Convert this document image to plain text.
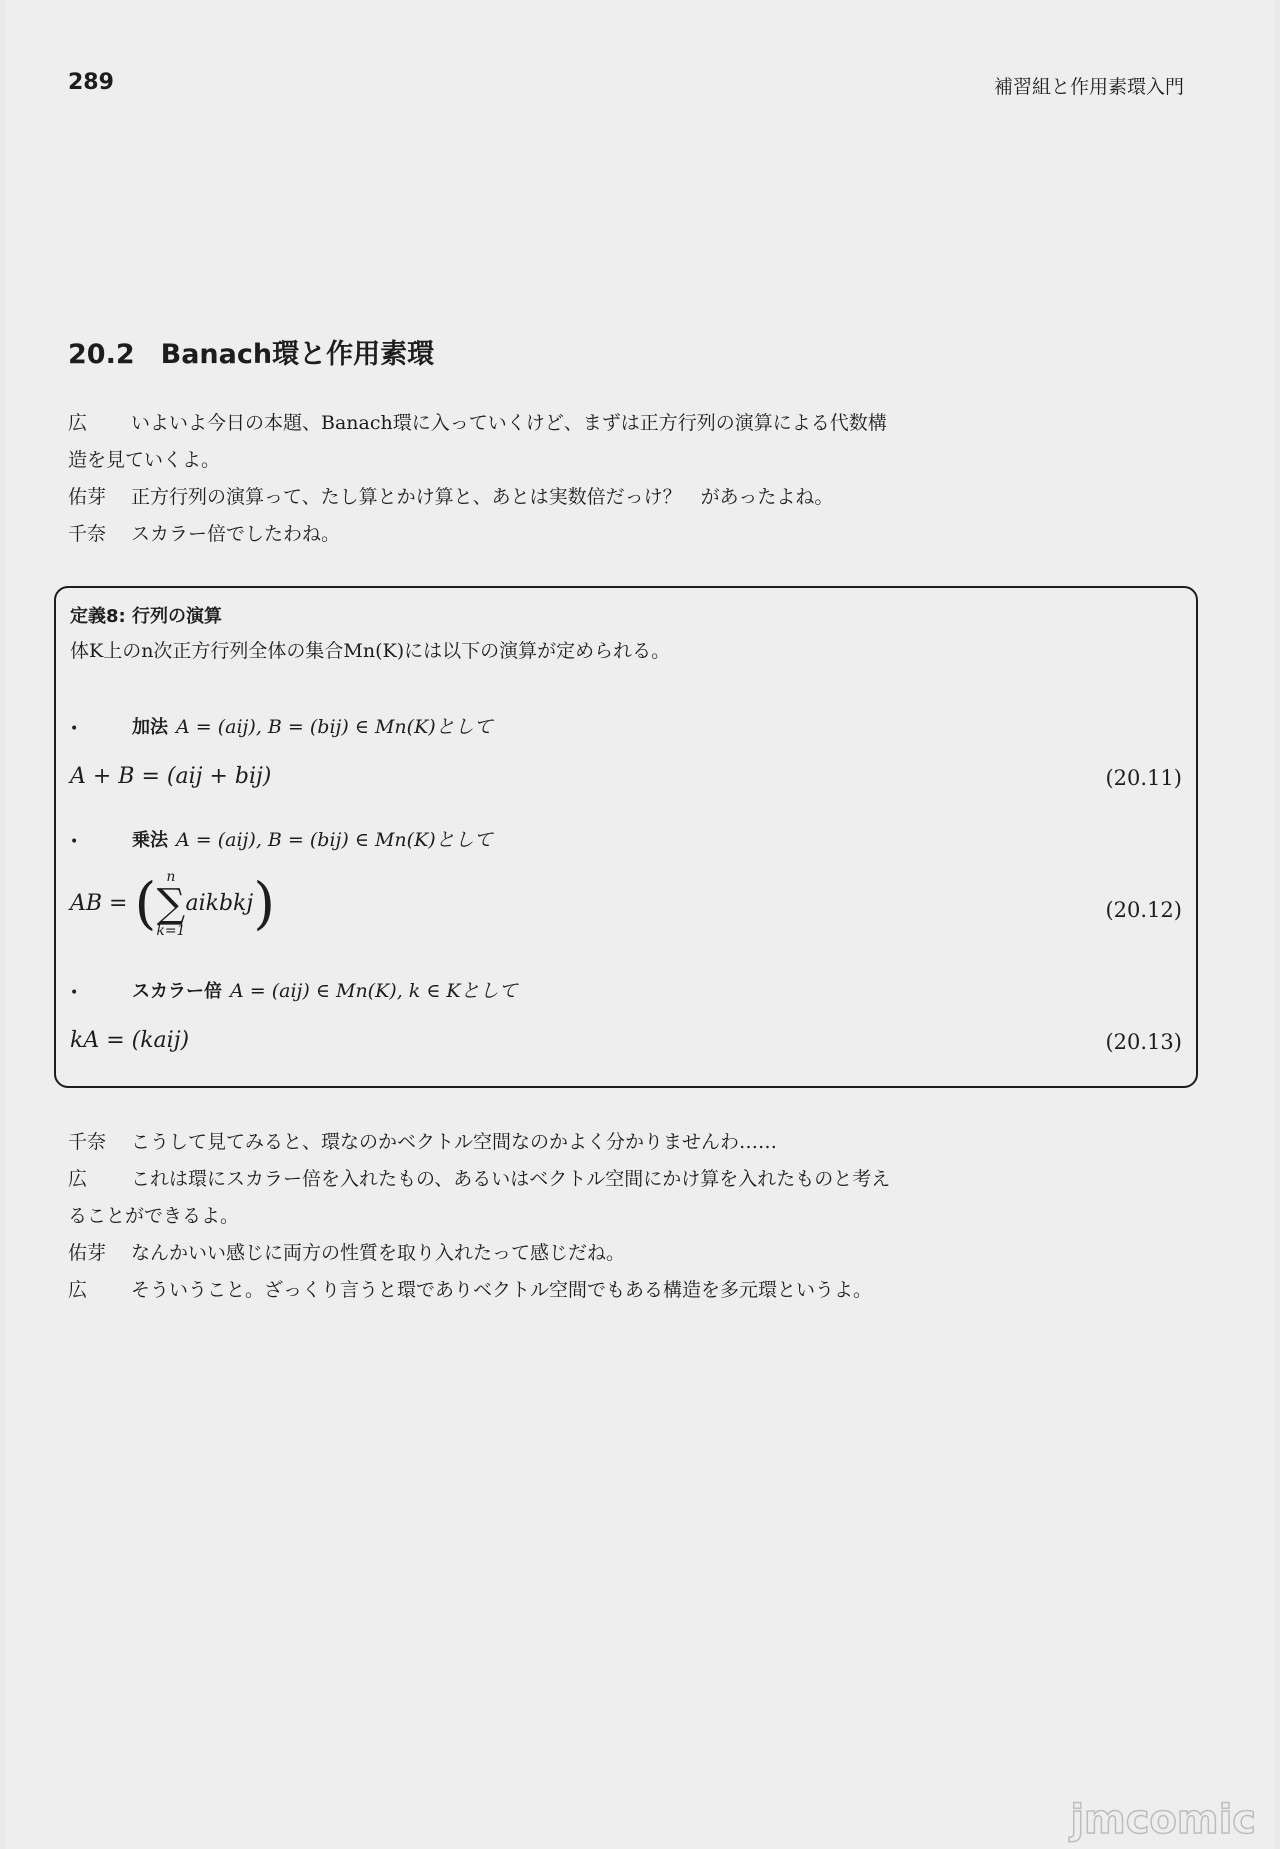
289	補習組と作用素環入門
20.2 Banach環と作用素環
広	いよいよ今日の本題、Banach環に入っていくけど、まずは正方行列の演算による代数構
造を見ていくよ。
佑芽	正方行列の演算って、たし算とかけ算と、あとは実数倍だっけ？　があったよね。
千奈	スカラー倍でしたわね。
定義8: 行列の演算
体K上のn次正方行列全体の集合Mn(K)には以下の演算が定められる。
•	加法 A = (aij), B = (bij) ∈ Mn(K)として
A + B = (aij + bij)	(20.11)
•	乗法 A = (aij), B = (bij) ∈ Mn(K)として
AB = ( n
∑
k=1
aikbkj)	(20.12)
•	スカラー倍 A = (aij) ∈ Mn(K), k ∈ Kとして
kA = (kaij)	(20.13)
千奈	こうして見てみると、環なのかベクトル空間なのかよく分かりませんわ……
広	これは環にスカラー倍を入れたもの、あるいはベクトル空間にかけ算を入れたものと考え
ることができるよ。
佑芽	なんかいい感じに両方の性質を取り入れたって感じだね。
広	そういうこと。ざっくり言うと環でありベクトル空間でもある構造を多元環というよ。
jmcomic
